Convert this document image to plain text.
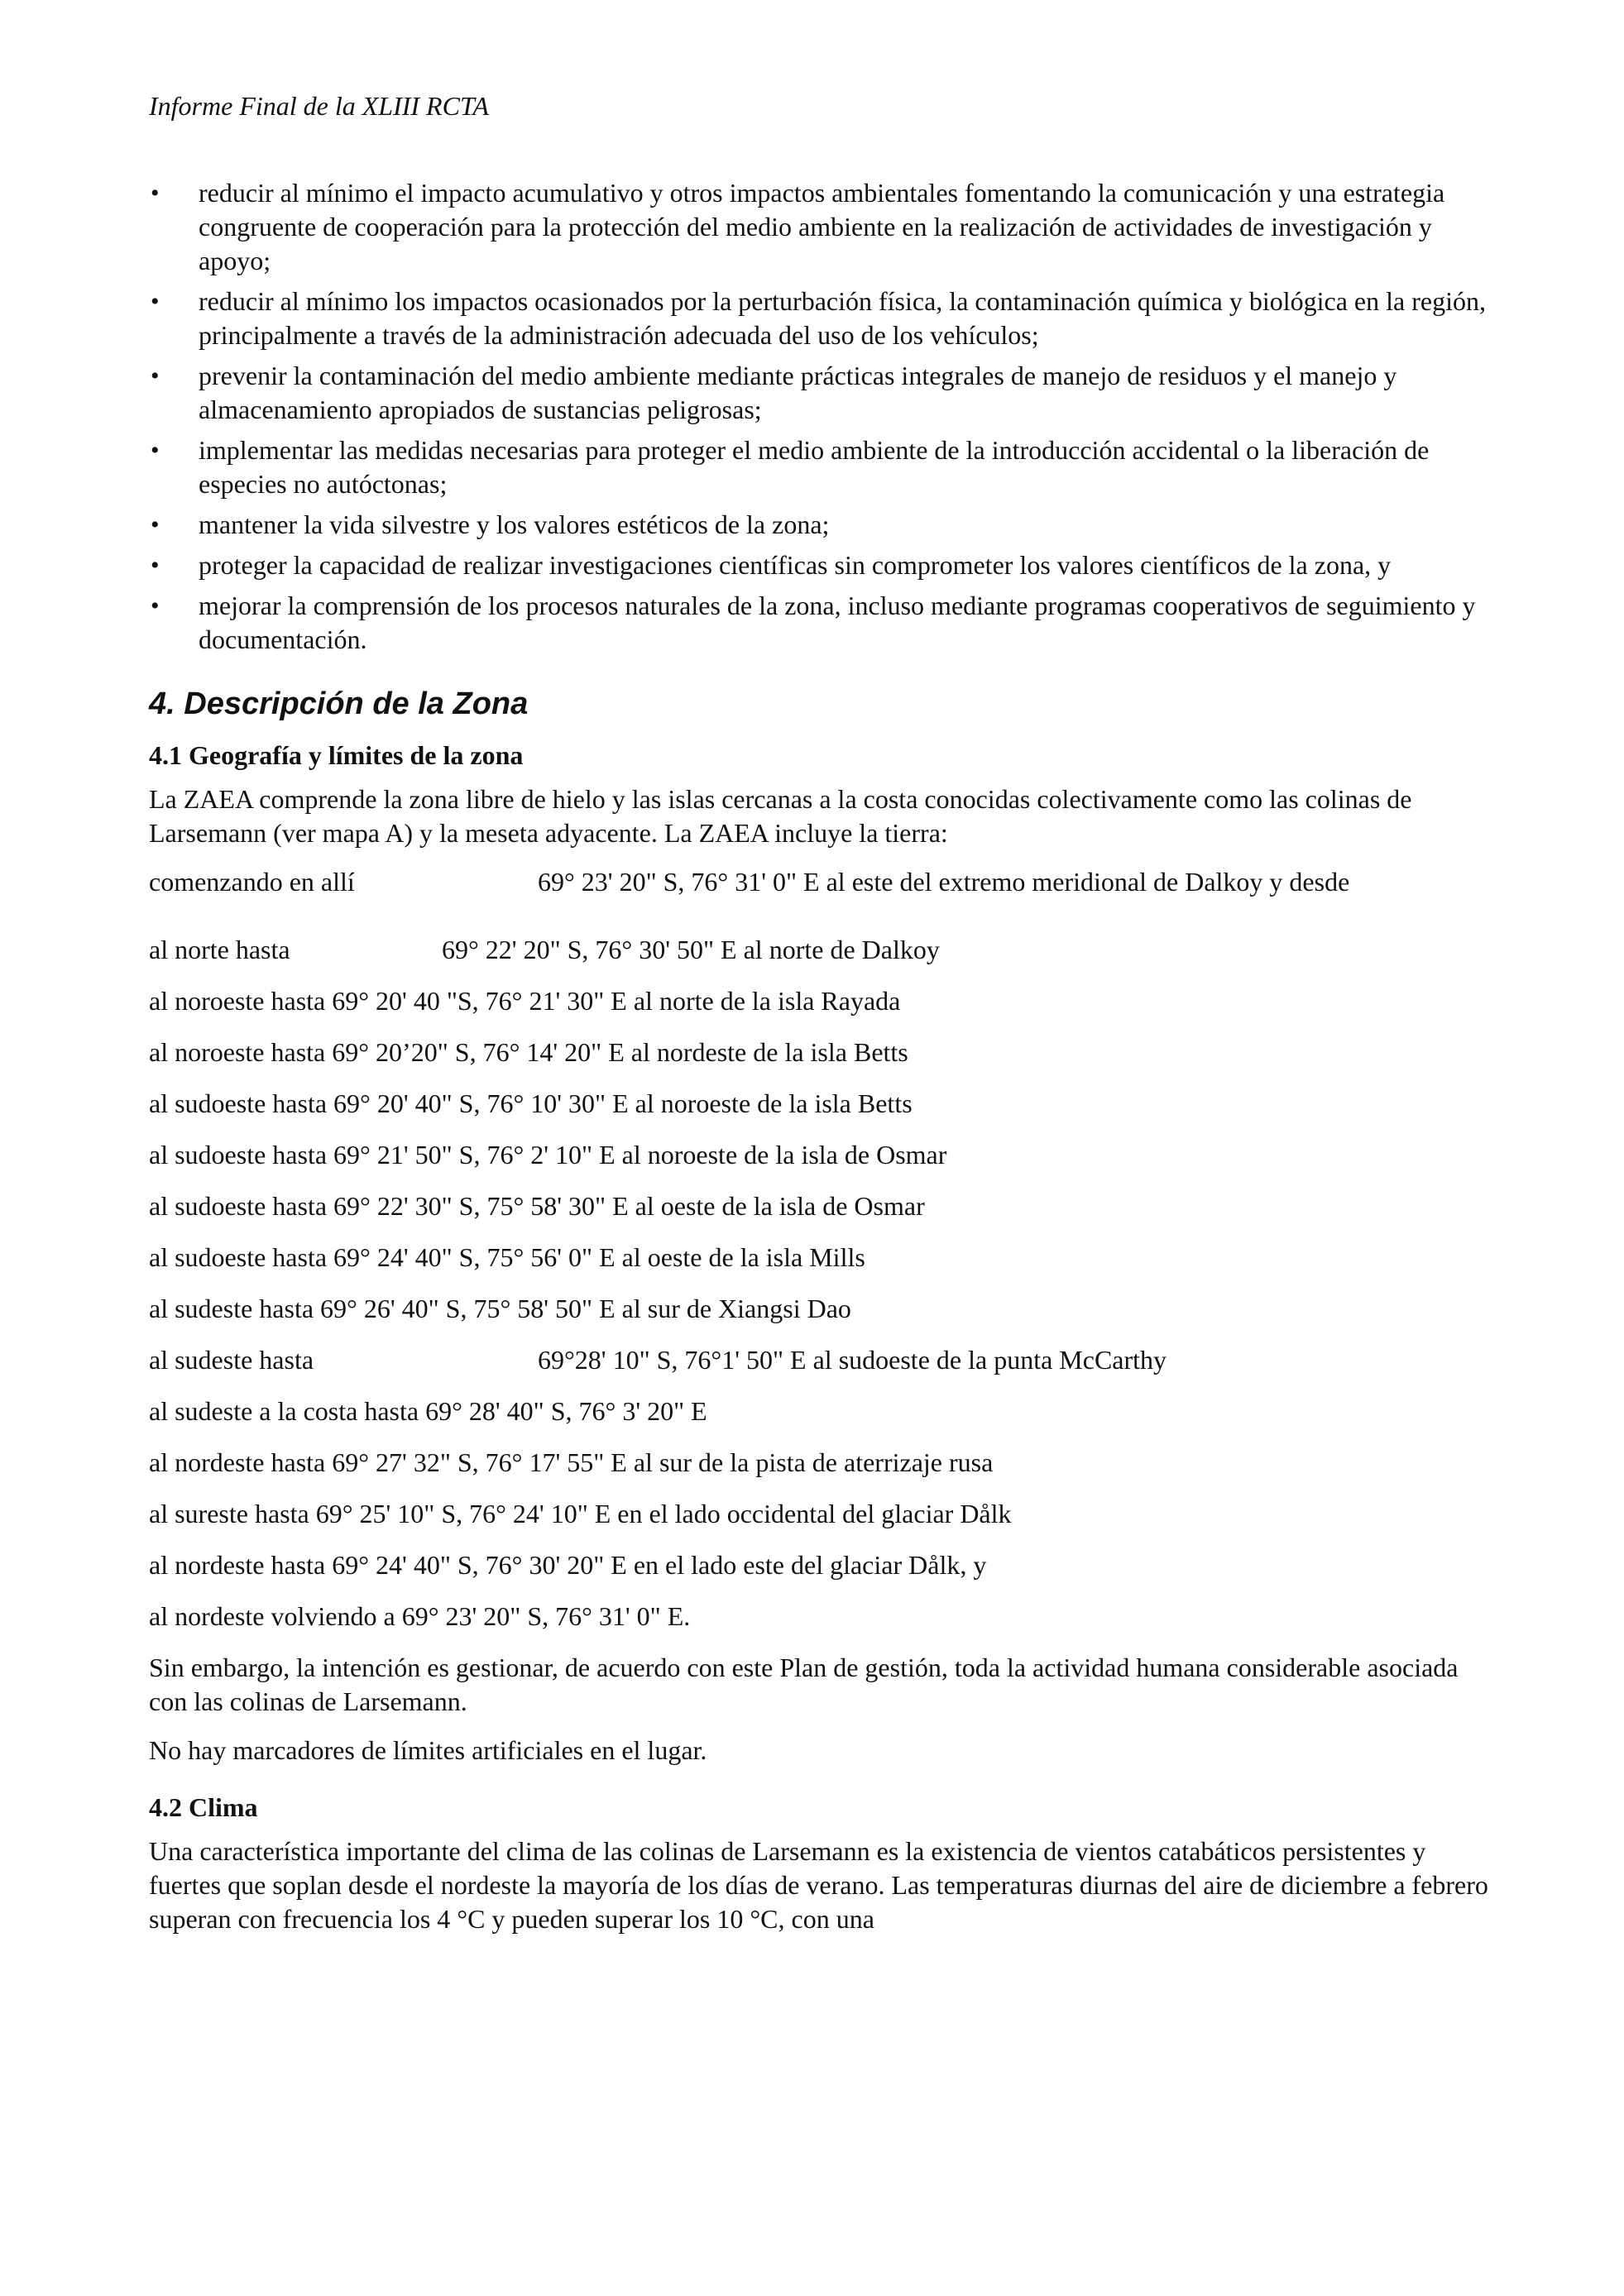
Informe Final de la XLIII RCTA
• reducir al mínimo el impacto acumulativo y otros impactos ambientales fomentando la comunicación y una estrategia congruente de cooperación para la protección del medio ambiente en la realización de actividades de investigación y apoyo;
• reducir al mínimo los impactos ocasionados por la perturbación física, la contaminación química y biológica en la región, principalmente a través de la administración adecuada del uso de los vehículos;
• prevenir la contaminación del medio ambiente mediante prácticas integrales de manejo de residuos y el manejo y almacenamiento apropiados de sustancias peligrosas;
• implementar las medidas necesarias para proteger el medio ambiente de la introducción accidental o la liberación de especies no autóctonas;
• mantener la vida silvestre y los valores estéticos de la zona;
• proteger la capacidad de realizar investigaciones científicas sin comprometer los valores científicos de la zona, y
• mejorar la comprensión de los procesos naturales de la zona, incluso mediante programas cooperativos de seguimiento y documentación.
4. Descripción de la Zona
4.1 Geografía y límites de la zona

La ZAEA comprende la zona libre de hielo y las islas cercanas a la costa conocidas colectivamente como las colinas de Larsemann (ver mapa A) y la meseta adyacente. La ZAEA incluye la tierra:

comenzando en allí	69° 23' 20" S, 76° 31' 0" E al este del extremo meridional de Dalkoy y desde
al norte hasta	69° 22' 20" S, 76° 30' 50" E al norte de Dalkoy
al noroeste hasta 69° 20' 40 "S, 76° 21' 30" E al norte de la isla Rayada
al noroeste hasta 69° 20’20" S, 76° 14' 20" E al nordeste de la isla Betts
al sudoeste hasta 69° 20' 40" S, 76° 10' 30" E al noroeste de la isla Betts
al sudoeste hasta 69° 21' 50" S, 76° 2' 10" E al noroeste de la isla de Osmar
al sudoeste hasta 69° 22' 30" S, 75° 58' 30" E al oeste de la isla de Osmar
al sudoeste hasta 69° 24' 40" S, 75° 56' 0" E al oeste de la isla Mills
al sudeste hasta 69° 26' 40" S, 75° 58' 50" E al sur de Xiangsi Dao
al sudeste hasta	69°28' 10" S, 76°1' 50" E al sudoeste de la punta McCarthy
al sudeste a la costa hasta 69° 28' 40" S, 76° 3' 20" E
al nordeste hasta 69° 27' 32" S, 76° 17' 55" E al sur de la pista de aterrizaje rusa
al sureste hasta 69° 25' 10" S, 76° 24' 10" E en el lado occidental del glaciar Dålk
al nordeste hasta 69° 24' 40" S, 76° 30' 20" E en el lado este del glaciar Dålk, y
al nordeste volviendo a 69° 23' 20" S, 76° 31' 0" E.

Sin embargo, la intención es gestionar, de acuerdo con este Plan de gestión, toda la actividad humana considerable asociada con las colinas de Larsemann.

No hay marcadores de límites artificiales en el lugar.

4.2 Clima

Una característica importante del clima de las colinas de Larsemann es la existencia de vientos catabáticos persistentes y fuertes que soplan desde el nordeste la mayoría de los días de verano. Las temperaturas diurnas del aire de diciembre a febrero superan con frecuencia los 4 °C y pueden superar los 10 °C, con una
